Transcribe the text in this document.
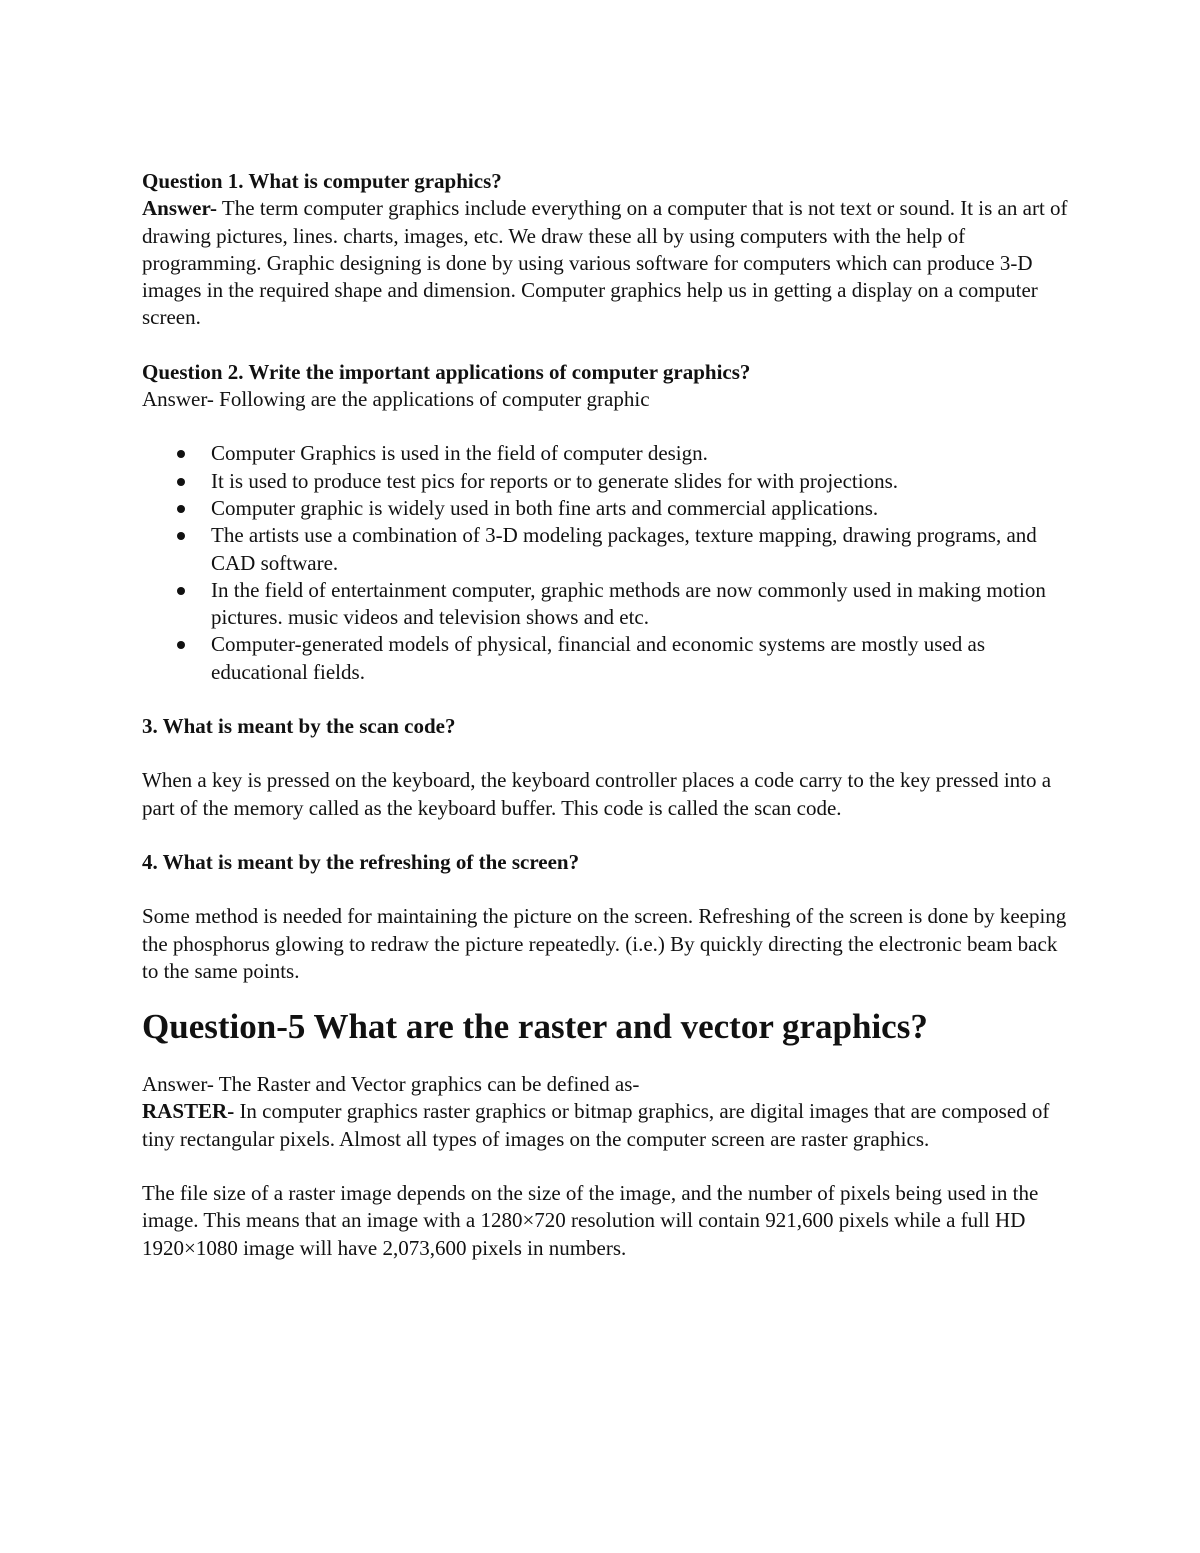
Question 1. What is computer graphics?

Answer- The term computer graphics include everything on a computer that is not text or sound. It is an art of drawing pictures, lines. charts, images, etc. We draw these all by using computers with the help of programming. Graphic designing is done by using various software for computers which can produce 3-D images in the required shape and dimension. Computer graphics help us in getting a display on a computer screen.

Question 2. Write the important applications of computer graphics?

Answer- Following are the applications of computer graphic

Computer Graphics is used in the field of computer design.
It is used to produce test pics for reports or to generate slides for with projections.
Computer graphic is widely used in both fine arts and commercial applications.
The artists use a combination of 3-D modeling packages, texture mapping, drawing programs, and CAD software.
In the field of entertainment computer, graphic methods are now commonly used in making motion pictures. music videos and television shows and etc.
Computer-generated models of physical, financial and economic systems are mostly used as educational fields.

3. What is meant by the scan code?

When a key is pressed on the keyboard, the keyboard controller places a code carry to the key pressed into a part of the memory called as the keyboard buffer. This code is called the scan code.

4. What is meant by the refreshing of the screen?

Some method is needed for maintaining the picture on the screen. Refreshing of the screen is done by keeping the phosphorus glowing to redraw the picture repeatedly. (i.e.) By quickly directing the electronic beam back to the same points.

Question-5 What are the raster and vector graphics?

Answer- The Raster and Vector graphics can be defined as-

RASTER- In computer graphics raster graphics or bitmap graphics, are digital images that are composed of tiny rectangular pixels. Almost all types of images on the computer screen are raster graphics.

The file size of a raster image depends on the size of the image, and the number of pixels being used in the image. This means that an image with a 1280×720 resolution will contain 921,600 pixels while a full HD 1920×1080 image will have 2,073,600 pixels in numbers.
